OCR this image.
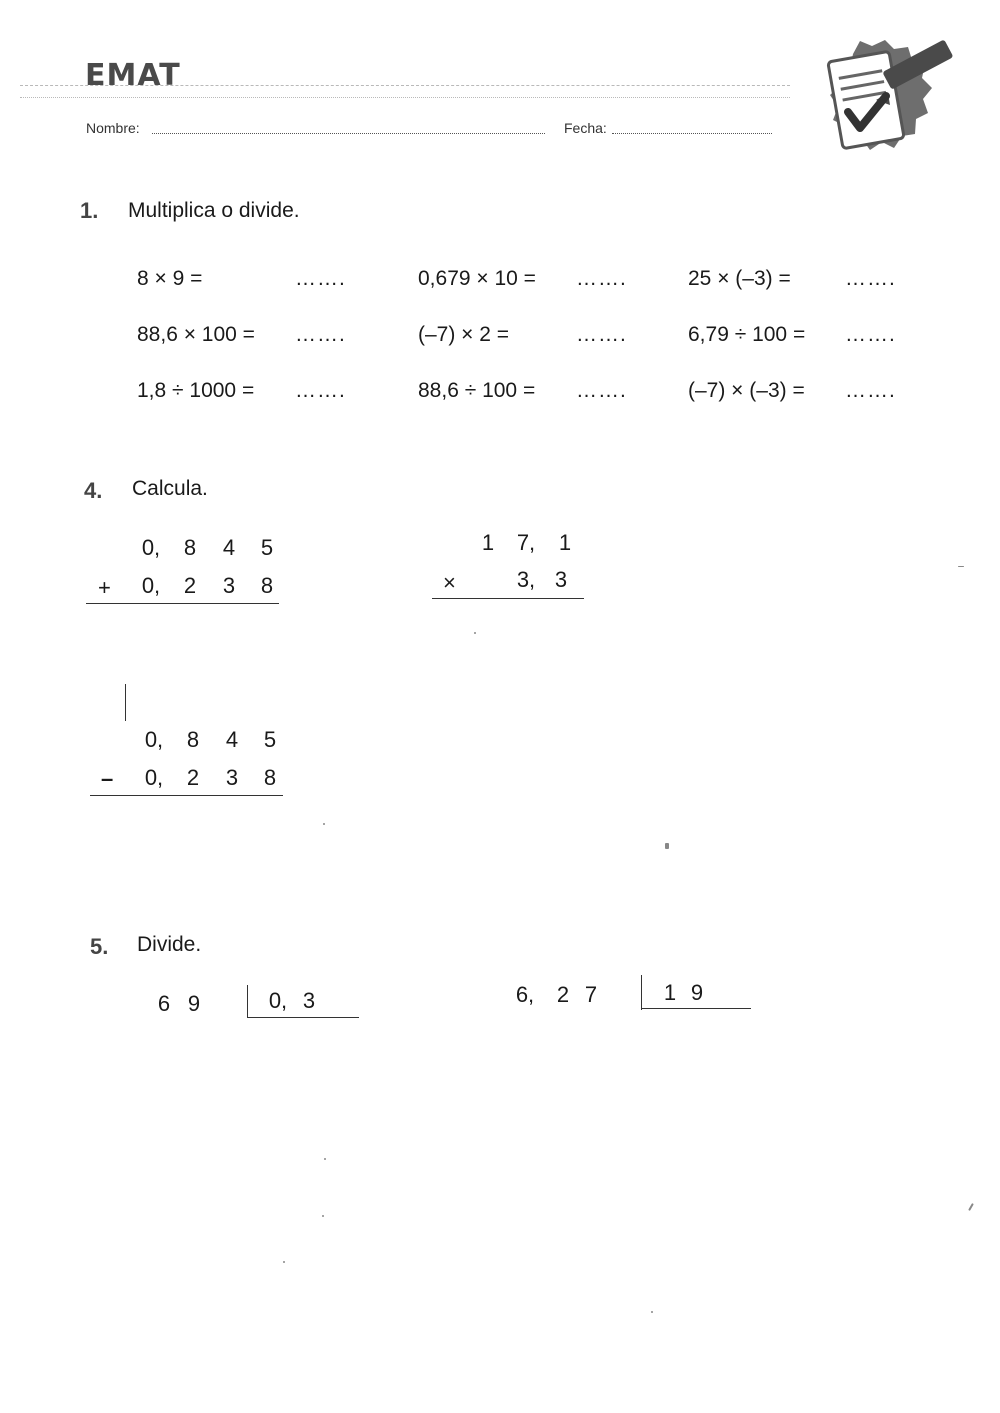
EMAT
Nombre:	Fecha:
1. Multiplica o divide.
8 × 9 =	…….	0,679 × 10 = …….	25 × (–3) =	…….
88,6 × 100 = …….	(–7) × 2 =	…….	6,79 ÷ 100 = …….
1,8 ÷ 1000 = …….	88,6 ÷ 100 = …….	(–7) × (–3) = …….
4. Calcula.
0, 8 4 5
+	0, 2 3 8
1 7, 1
×	3, 3
0, 8 4 5
–	0, 2 3 8
5. Divide.
6 9	0, 3	6, 2 7	1 9
